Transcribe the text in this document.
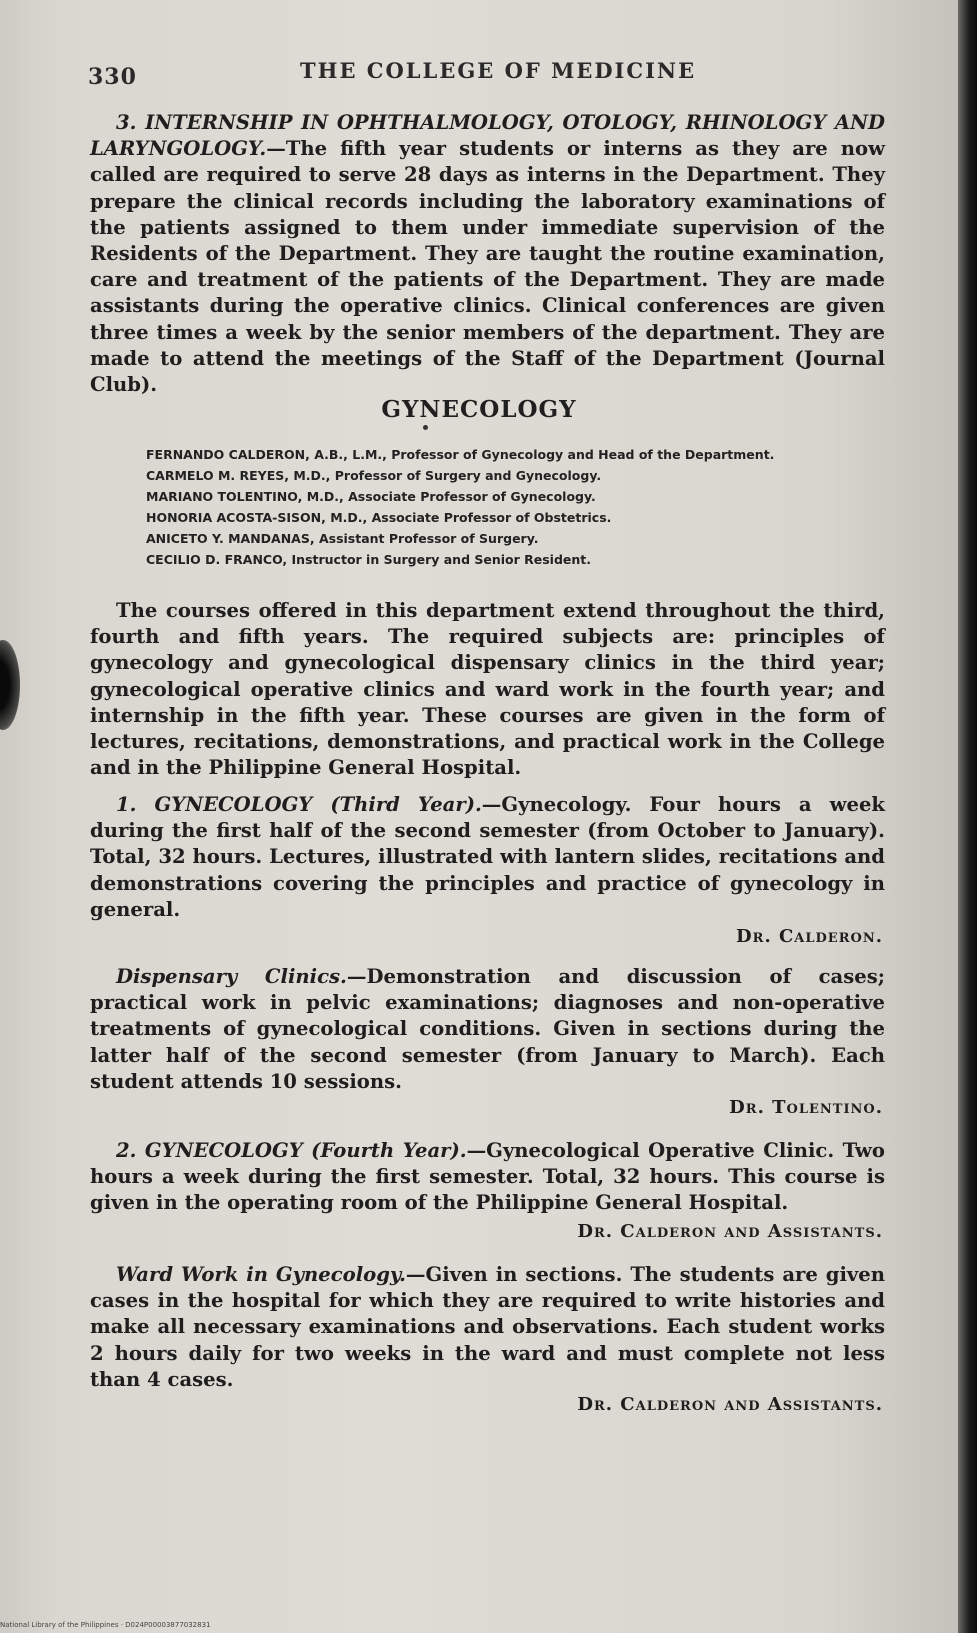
330	THE COLLEGE OF MEDICINE
3. INTERNSHIP IN OPHTHALMOLOGY, OTOLOGY, RHINOLOGY AND LARYNGOLOGY.—The fifth year students or interns as they are now called are required to serve 28 days as interns in the Department. They prepare the clinical records including the laboratory examinations of the patients assigned to them under immediate supervision of the Residents of the Department. They are taught the routine examination, care and treatment of the patients of the Department. They are made assistants during the operative clinics. Clinical conferences are given three times a week by the senior members of the department. They are made to attend the meetings of the Staff of the Department (Journal Club).
GYNECOLOGY
FERNANDO CALDERON, A.B., L.M., Professor of Gynecology and Head of the Department.
CARMELO M. REYES, M.D., Professor of Surgery and Gynecology.
MARIANO TOLENTINO, M.D., Associate Professor of Gynecology.
HONORIA ACOSTA-SISON, M.D., Associate Professor of Obstetrics.
ANICETO Y. MANDANAS, Assistant Professor of Surgery.
CECILIO D. FRANCO, Instructor in Surgery and Senior Resident.
The courses offered in this department extend throughout the third, fourth and fifth years. The required subjects are: principles of gynecology and gynecological dispensary clinics in the third year; gynecological operative clinics and ward work in the fourth year; and internship in the fifth year. These courses are given in the form of lectures, recitations, demonstrations, and practical work in the College and in the Philippine General Hospital.
1. GYNECOLOGY (Third Year).—Gynecology. Four hours a week during the first half of the second semester (from October to January). Total, 32 hours. Lectures, illustrated with lantern slides, recitations and demonstrations covering the principles and practice of gynecology in general.
Dr. Calderon.
Dispensary Clinics.—Demonstration and discussion of cases; practical work in pelvic examinations; diagnoses and non-operative treatments of gynecological conditions. Given in sections during the latter half of the second semester (from January to March). Each student attends 10 sessions.
Dr. Tolentino.
2. GYNECOLOGY (Fourth Year).—Gynecological Operative Clinic. Two hours a week during the first semester. Total, 32 hours. This course is given in the operating room of the Philippine General Hospital.
Dr. Calderon and Assistants.
Ward Work in Gynecology.—Given in sections. The students are given cases in the hospital for which they are required to write histories and make all necessary examinations and observations. Each student works 2 hours daily for two weeks in the ward and must complete not less than 4 cases.
Dr. Calderon and Assistants.
National Library of the Philippines · D024P00003877032831
